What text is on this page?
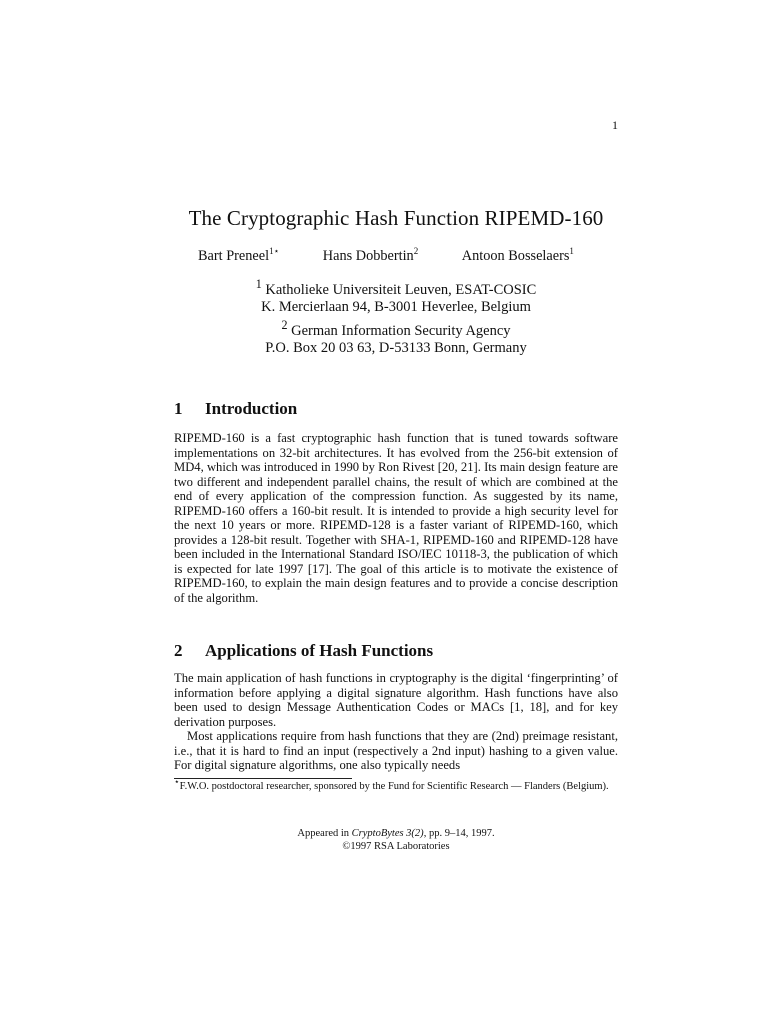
1
The Cryptographic Hash Function RIPEMD-160
Bart Preneel$^{1⋆}$	Hans Dobbertin$^2$	Antoon Bosselaers$^1$
$^1$ Katholieke Universiteit Leuven, ESAT-COSIC
K. Mercierlaan 94, B-3001 Heverlee, Belgium
$^2$ German Information Security Agency
P.O. Box 20 03 63, D-53133 Bonn, Germany
1 Introduction

RIPEMD-160 is a fast cryptographic hash function that is tuned towards software implementations on 32-bit architectures. It has evolved from the 256-bit extension of MD4, which was introduced in 1990 by Ron Rivest [20, 21]. Its main design feature are two different and independent parallel chains, the result of which are combined at the end of every application of the compression function. As suggested by its name, RIPEMD-160 offers a 160-bit result. It is intended to provide a high security level for the next 10 years or more. RIPEMD-128 is a faster variant of RIPEMD-160, which provides a 128-bit result. Together with SHA-1, RIPEMD-160 and RIPEMD-128 have been included in the International Standard ISO/IEC 10118-3, the publication of which is expected for late 1997 [17]. The goal of this article is to motivate the existence of RIPEMD-160, to explain the main design features and to provide a concise description of the algorithm.

2 Applications of Hash Functions

The main application of hash functions in cryptography is the digital ‘fingerprinting’ of information before applying a digital signature algorithm. Hash functions have also been used to design Message Authentication Codes or MACs [1, 18], and for key derivation purposes.

Most applications require from hash functions that they are (2nd) preimage resistant, i.e., that it is hard to find an input (respectively a 2nd input) hashing to a given value. For digital signature algorithms, one also typically needs

⋆F.W.O. postdoctoral researcher, sponsored by the Fund for Scientific Research — Flanders (Belgium).
Appeared in CryptoBytes 3(2), pp. 9–14, 1997.
©1997 RSA Laboratories
